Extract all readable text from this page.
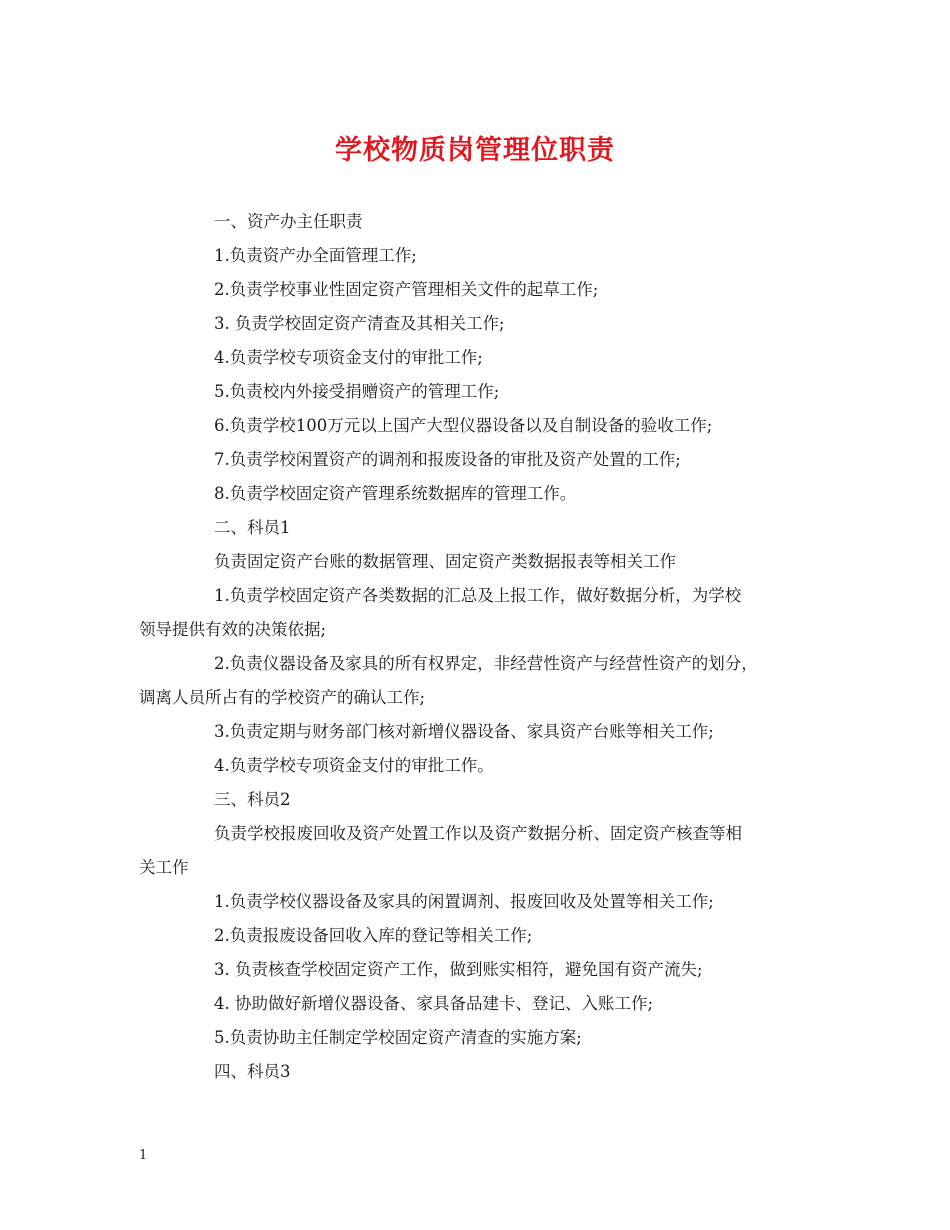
学校物质岗管理位职责
一、资产办主任职责
1.负责资产办全面管理工作;
2.负责学校事业性固定资产管理相关文件的起草工作;
3. 负责学校固定资产清查及其相关工作;
4.负责学校专项资金支付的审批工作;
5.负责校内外接受捐赠资产的管理工作;
6.负责学校100万元以上国产大型仪器设备以及自制设备的验收工作;
7.负责学校闲置资产的调剂和报废设备的审批及资产处置的工作;
8.负责学校固定资产管理系统数据库的管理工作。
二、科员1
负责固定资产台账的数据管理、固定资产类数据报表等相关工作
1.负责学校固定资产各类数据的汇总及上报工作，做好数据分析，为学校
领导提供有效的决策依据;
2.负责仪器设备及家具的所有权界定，非经营性资产与经营性资产的划分，
调离人员所占有的学校资产的确认工作;
3.负责定期与财务部门核对新增仪器设备、家具资产台账等相关工作;
4.负责学校专项资金支付的审批工作。
三、科员2
负责学校报废回收及资产处置工作以及资产数据分析、固定资产核查等相
关工作
1.负责学校仪器设备及家具的闲置调剂、报废回收及处置等相关工作;
2.负责报废设备回收入库的登记等相关工作;
3. 负责核查学校固定资产工作，做到账实相符，避免国有资产流失;
4. 协助做好新增仪器设备、家具备品建卡、登记、入账工作;
5.负责协助主任制定学校固定资产清查的实施方案;
四、科员3
1
